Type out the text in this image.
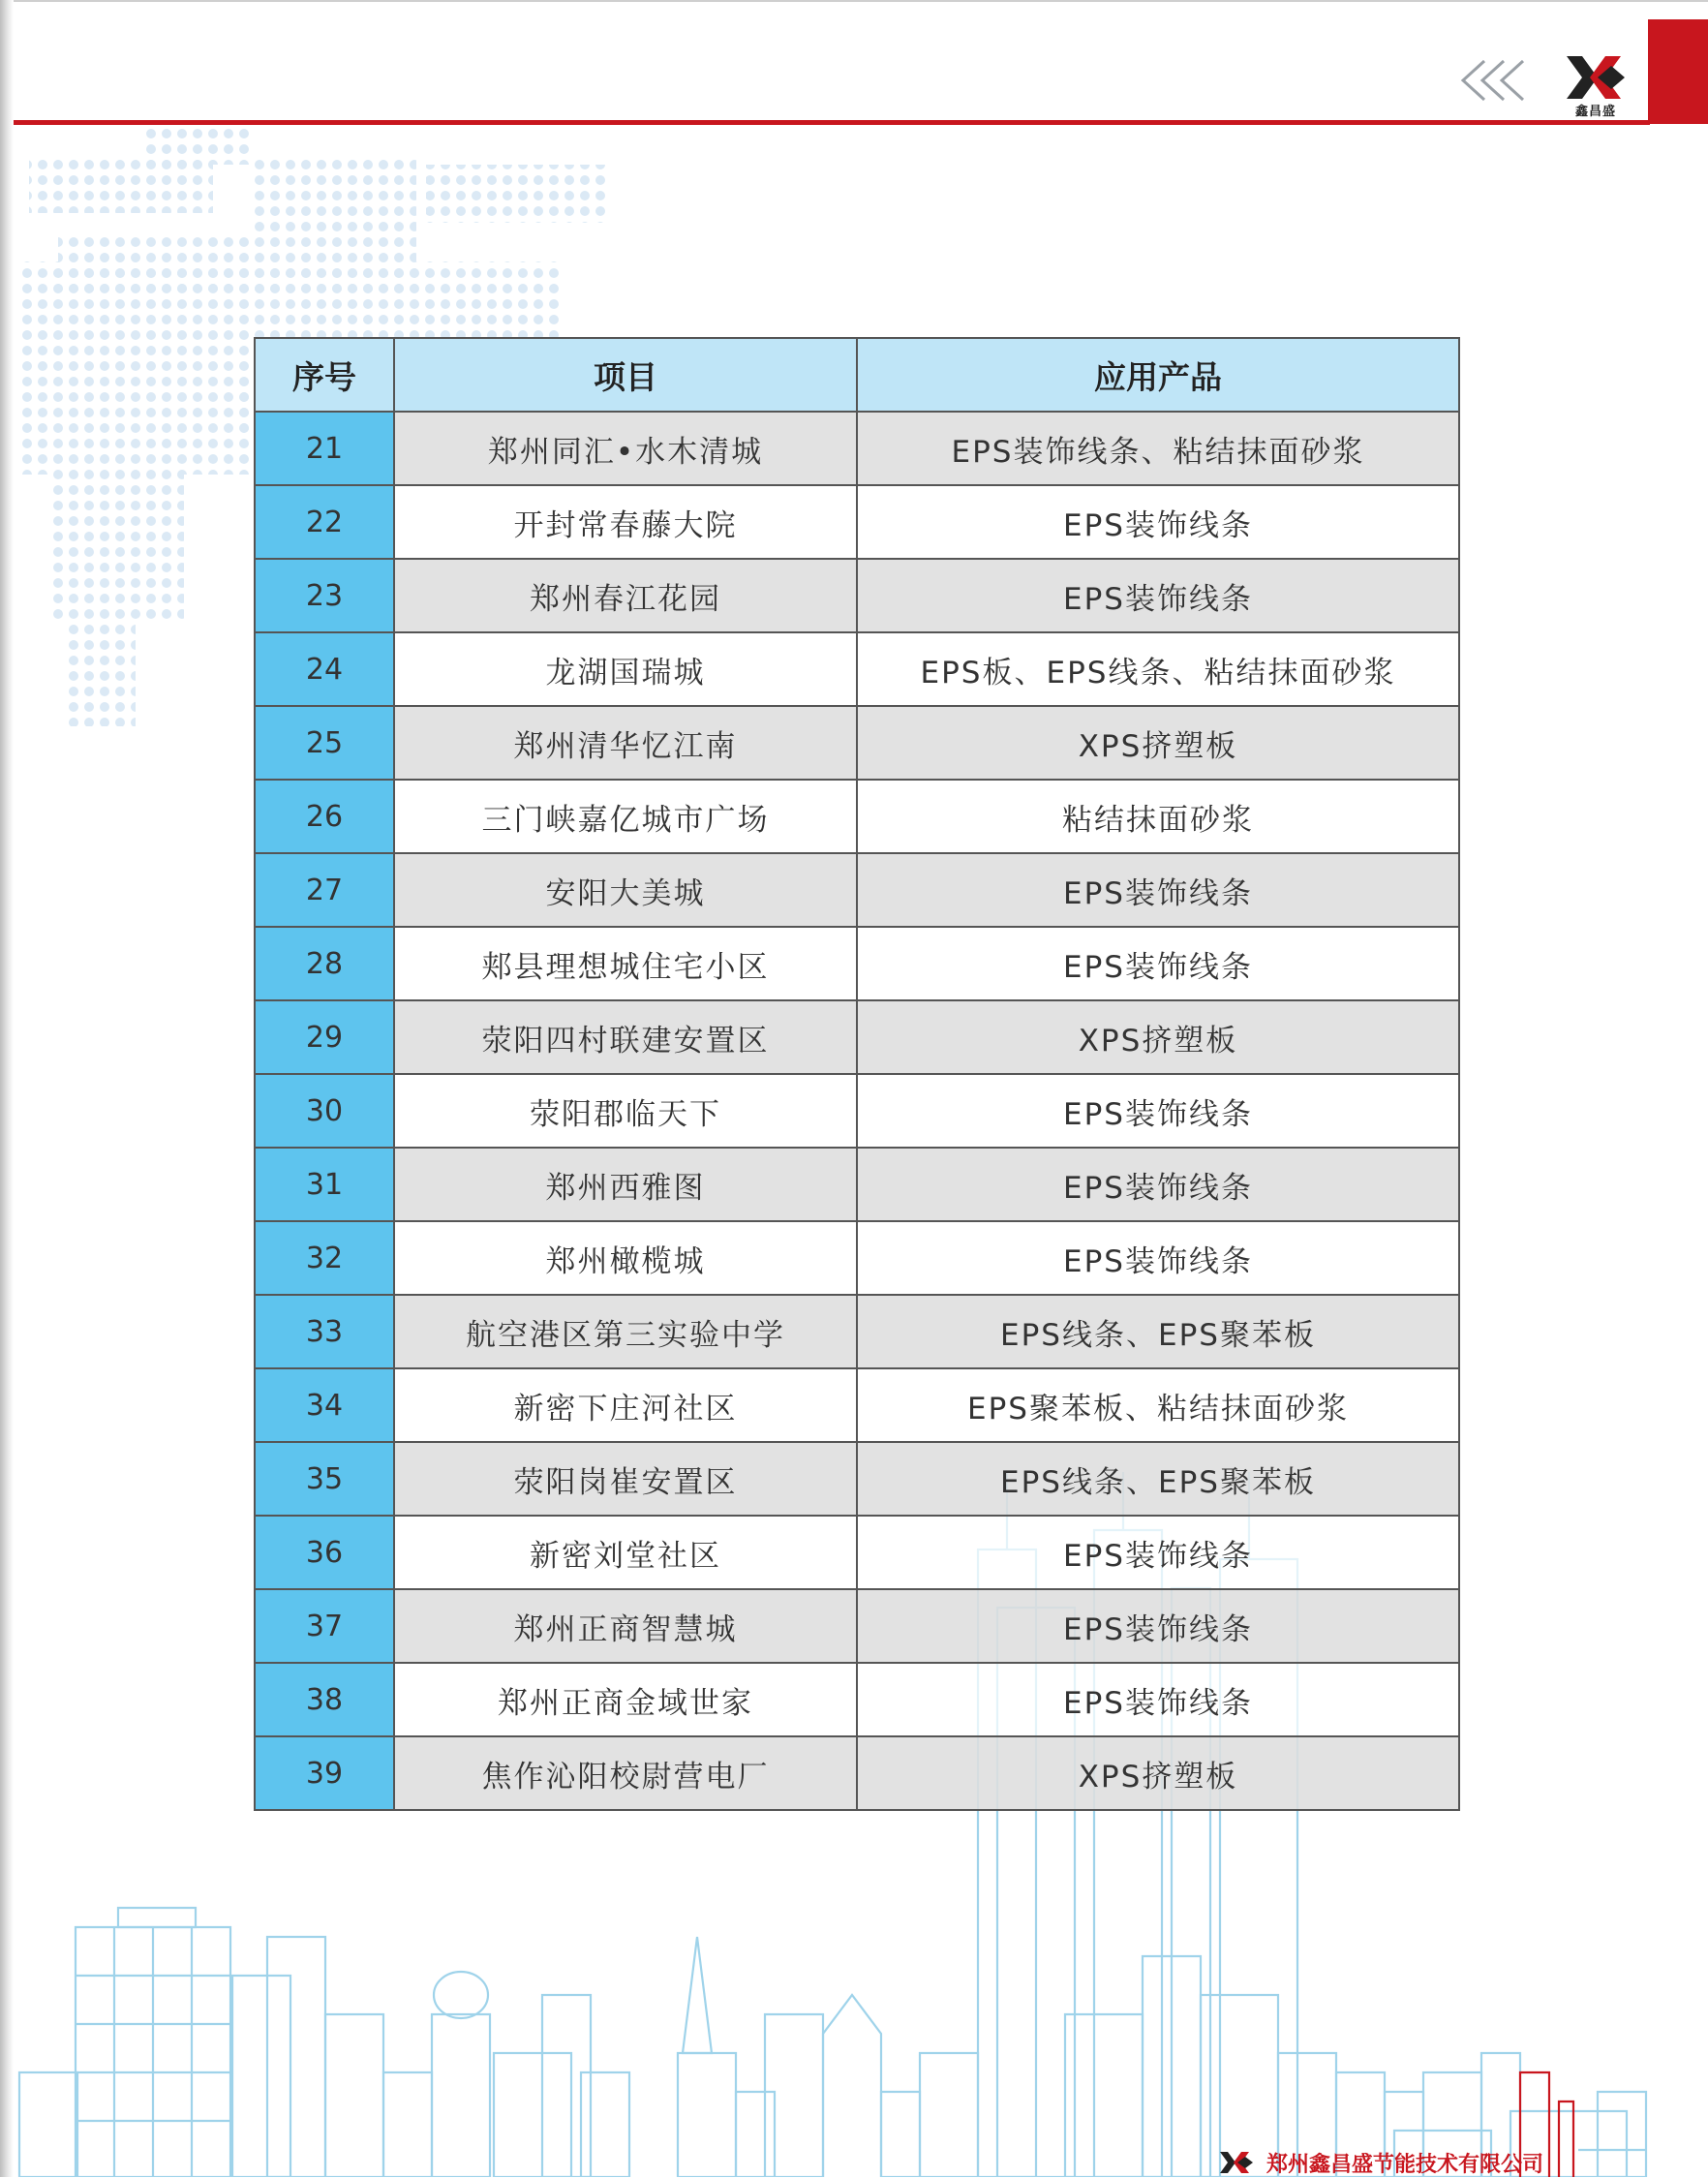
鑫昌盛
序号	项目	应用产品
21	郑州同汇•水木清城	EPS装饰线条、粘结抹面砂浆
22	开封常春藤大院	EPS装饰线条
23	郑州春江花园	EPS装饰线条
24	龙湖国瑞城	EPS板、EPS线条、粘结抹面砂浆
25	郑州清华忆江南	XPS挤塑板
26	三门峡嘉亿城市广场	粘结抹面砂浆
27	安阳大美城	EPS装饰线条
28	郏县理想城住宅小区	EPS装饰线条
29	荥阳四村联建安置区	XPS挤塑板
30	荥阳郡临天下	EPS装饰线条
31	郑州西雅图	EPS装饰线条
32	郑州橄榄城	EPS装饰线条
33	航空港区第三实验中学	EPS线条、EPS聚苯板
34	新密下庄河社区	EPS聚苯板、粘结抹面砂浆
35	荥阳岗崔安置区	EPS线条、EPS聚苯板
36	新密刘堂社区	EPS装饰线条
37	郑州正商智慧城	EPS装饰线条
38	郑州正商金域世家	EPS装饰线条
39	焦作沁阳校尉营电厂	XPS挤塑板
郑州鑫昌盛节能技术有限公司
